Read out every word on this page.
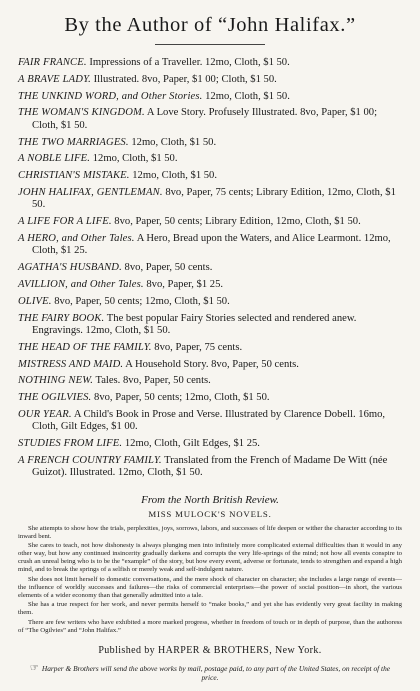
By the Author of “John Halifax.”
FAIR FRANCE. Impressions of a Traveller. 12mo, Cloth, $1 50.
A BRAVE LADY. Illustrated. 8vo, Paper, $1 00; Cloth, $1 50.
THE UNKIND WORD, and Other Stories. 12mo, Cloth, $1 50.
THE WOMAN'S KINGDOM. A Love Story. Profusely Illustrated. 8vo, Paper, $1 00; Cloth, $1 50.
THE TWO MARRIAGES. 12mo, Cloth, $1 50.
A NOBLE LIFE. 12mo, Cloth, $1 50.
CHRISTIAN'S MISTAKE. 12mo, Cloth, $1 50.
JOHN HALIFAX, GENTLEMAN. 8vo, Paper, 75 cents; Library Edition, 12mo, Cloth, $1 50.
A LIFE FOR A LIFE. 8vo, Paper, 50 cents; Library Edition, 12mo, Cloth, $1 50.
A HERO, and Other Tales. A Hero, Bread upon the Waters, and Alice Learmont. 12mo, Cloth, $1 25.
AGATHA'S HUSBAND. 8vo, Paper, 50 cents.
AVILLION, and Other Tales. 8vo, Paper, $1 25.
OLIVE. 8vo, Paper, 50 cents; 12mo, Cloth, $1 50.
THE FAIRY BOOK. The best popular Fairy Stories selected and rendered anew. Engravings. 12mo, Cloth, $1 50.
THE HEAD OF THE FAMILY. 8vo, Paper, 75 cents.
MISTRESS AND MAID. A Household Story. 8vo, Paper, 50 cents.
NOTHING NEW. Tales. 8vo, Paper, 50 cents.
THE OGILVIES. 8vo, Paper, 50 cents; 12mo, Cloth, $1 50.
OUR YEAR. A Child's Book in Prose and Verse. Illustrated by Clarence Dobell. 16mo, Cloth, Gilt Edges, $1 00.
STUDIES FROM LIFE. 12mo, Cloth, Gilt Edges, $1 25.
A FRENCH COUNTRY FAMILY. Translated from the French of Madame De Witt (née Guizot). Illustrated. 12mo, Cloth, $1 50.
From the North British Review.
MISS MULOCK'S NOVELS.

She attempts to show how the trials, perplexities, joys, sorrows, labors, and successes of life deepen or wither the character according to its inward bent.

She cares to teach, not how dishonesty is always plunging men into infinitely more complicated external difficulties than it would in any other way, but how any continued insincerity gradually darkens and corrupts the very life-springs of the mind; not how all events conspire to crush an unreal being who is to be the “example” of the story, but how every event, adverse or fortunate, tends to strengthen and expand a high mind, and to break the springs of a selfish or merely weak and self-indulgent nature.

She does not limit herself to domestic conversations, and the mere shock of character on character; she includes a large range of events—the influence of worldly successes and failures—the risks of commercial enterprises—the power of social position—in short, the various elements of a wider economy than that generally admitted into a tale.

She has a true respect for her work, and never permits herself to “make books,” and yet she has evidently very great facility in making them.

There are few writers who have exhibited a more marked progress, whether in freedom of touch or in depth of purpose, than the authoress of “The Ogilvies” and “John Halifax.”

Published by HARPER & BROTHERS, New York.
☞ Harper & Brothers will send the above works by mail, postage paid, to any part of the United States, on receipt of the price.
